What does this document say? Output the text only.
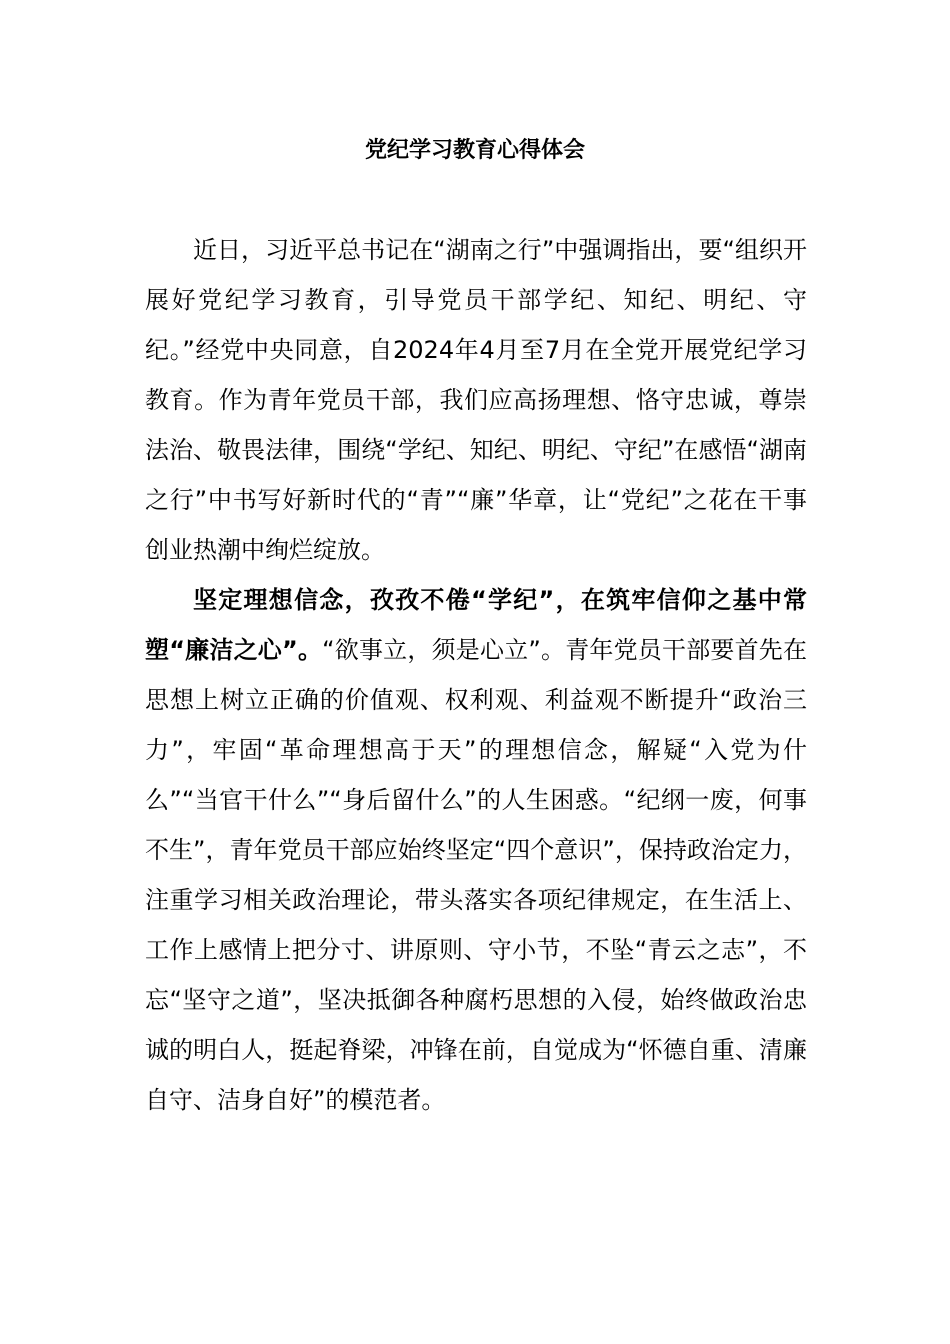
党纪学习教育心得体会

近日，习近平总书记在“湖南之行”中强调指出，要“组织开展好党纪学习教育，引导党员干部学纪、知纪、明纪、守纪。”经党中央同意，自2024年4月至7月在全党开展党纪学习教育。作为青年党员干部，我们应高扬理想、恪守忠诚，尊崇法治、敬畏法律，围绕“学纪、知纪、明纪、守纪”在感悟“湖南之行”中书写好新时代的“青”“廉”华章，让“党纪”之花在干事创业热潮中绚烂绽放。

坚定理想信念，孜孜不倦“学纪”，在筑牢信仰之基中常塑“廉洁之心”。“欲事立，须是心立”。青年党员干部要首先在思想上树立正确的价值观、权利观、利益观不断提升“政治三力”，牢固“革命理想高于天”的理想信念，解疑“入党为什么”“当官干什么”“身后留什么”的人生困惑。“纪纲一废，何事不生”，青年党员干部应始终坚定“四个意识”，保持政治定力，注重学习相关政治理论，带头落实各项纪律规定，在生活上、工作上感情上把分寸、讲原则、守小节，不坠“青云之志”，不忘“坚守之道”，坚决抵御各种腐朽思想的入侵，始终做政治忠诚的明白人，挺起脊梁，冲锋在前，自觉成为“怀德自重、清廉自守、洁身自好”的模范者。
